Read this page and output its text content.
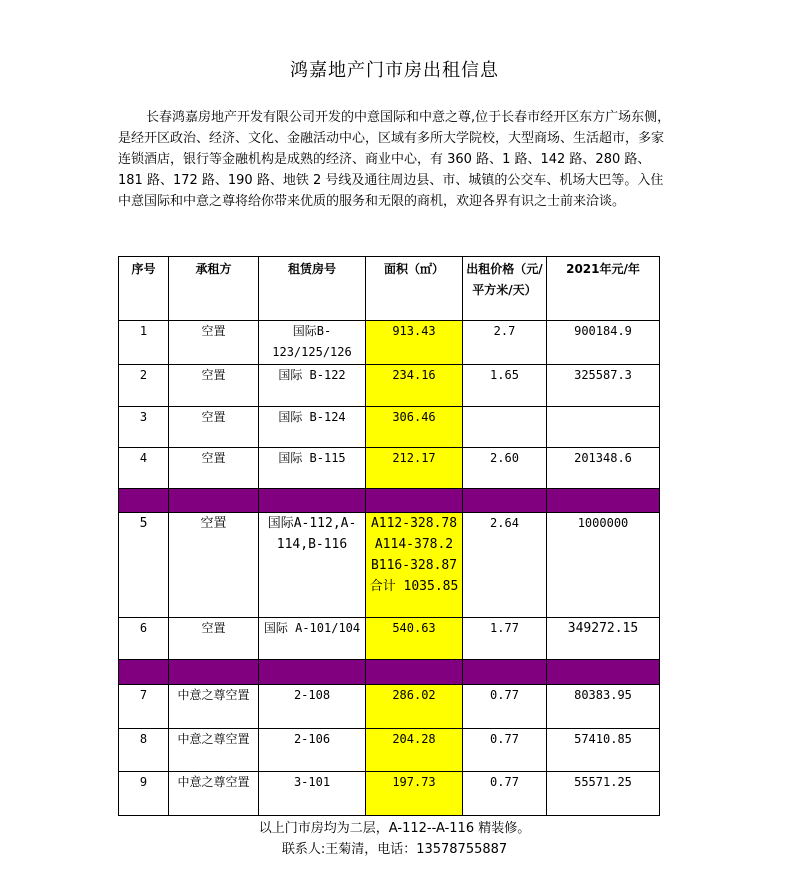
鸿嘉地产门市房出租信息

长春鸿嘉房地产开发有限公司开发的中意国际和中意之尊,位于长春市经开区东方广场东侧，是经开区政治、经济、文化、金融活动中心，区域有多所大学院校，大型商场、生活超市，多家连锁酒店，银行等金融机构是成熟的经济、商业中心，有 360 路、1 路、142 路、280 路、181 路、172 路、190 路、地铁 2 号线及通往周边县、市、城镇的公交车、机场大巴等。入住中意国际和中意之尊将给你带来优质的服务和无限的商机，欢迎各界有识之士前来洽谈。

序号	承租方	租赁房号	面积（㎡）	出租价格（元/平方米/天）	2021年元/年
1	空置	国际B-123/125/126	913.43	2.7	900184.9
2	空置	国际 B-122	234.16	1.65	325587.3
3	空置	国际 B-124	306.46		
4	空置	国际 B-115	212.17	2.60	201348.6

5	空置	国际A-112,A-114,B-116	A112-328.78
A114-378.2
B116-328.87
合计 1035.85	2.64	1000000
6	空置	国际 A-101/104	540.63	1.77	349272.15

7	中意之尊空置	2-108	286.02	0.77	80383.95
8	中意之尊空置	2-106	204.28	0.77	57410.85
9	中意之尊空置	3-101	197.73	0.77	55571.25
以上门市房均为二层，A-112--A-116 精装修。
联系人:王菊清，电话：13578755887
